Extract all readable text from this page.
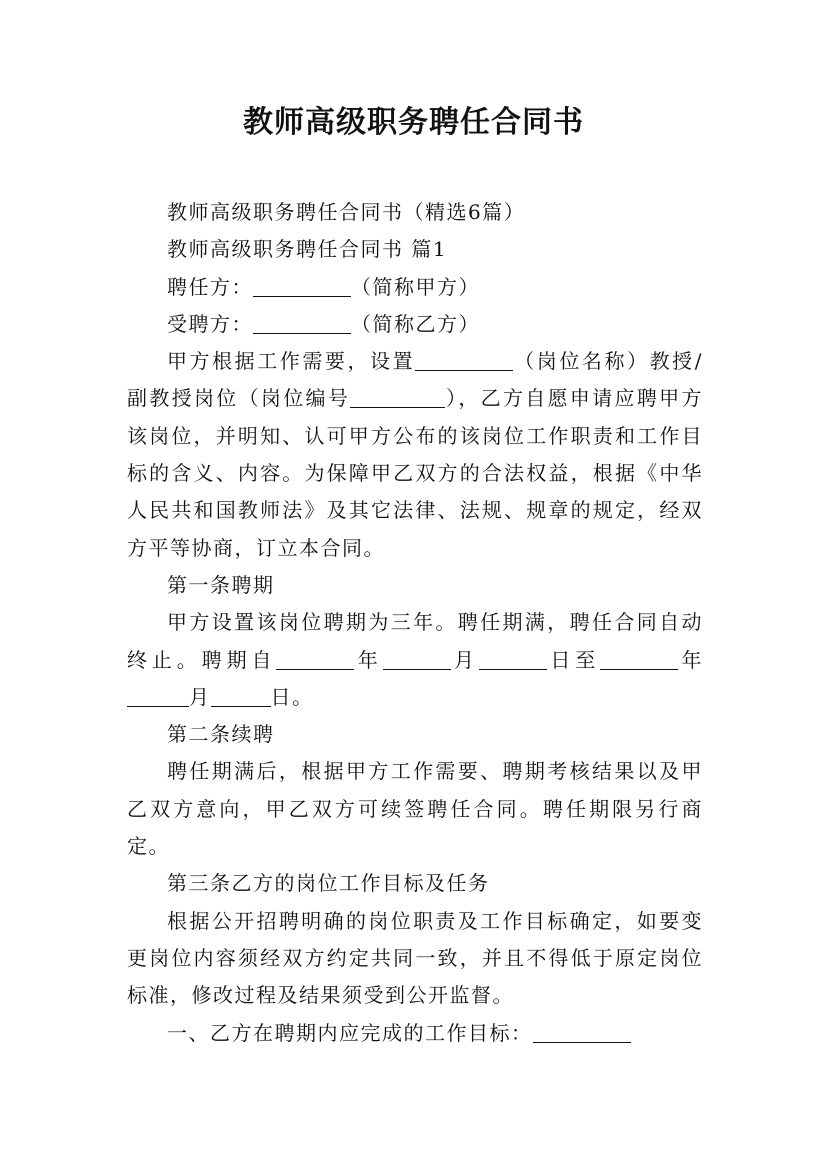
教师高级职务聘任合同书

教师高级职务聘任合同书（精选6篇）

教师高级职务聘任合同书 篇1

聘任方：	（简称甲方）

受聘方：	（简称乙方）

甲方根据工作需要，设置	（岗位名称）教授/副教授岗位（岗位编号	），乙方自愿申请应聘甲方该岗位，并明知、认可甲方公布的该岗位工作职责和工作目标的含义、内容。为保障甲乙双方的合法权益，根据《中华人民共和国教师法》及其它法律、法规、规章的规定，经双方平等协商，订立本合同。

第一条聘期

甲方设置该岗位聘期为三年。聘任期满，聘任合同自动终止。聘期自	年	月	日至	年月	日。

第二条续聘

聘任期满后，根据甲方工作需要、聘期考核结果以及甲乙双方意向，甲乙双方可续签聘任合同。聘任期限另行商定。

第三条乙方的岗位工作目标及任务

根据公开招聘明确的岗位职责及工作目标确定，如要变更岗位内容须经双方约定共同一致，并且不得低于原定岗位标准，修改过程及结果须受到公开监督。

一、乙方在聘期内应完成的工作目标：
